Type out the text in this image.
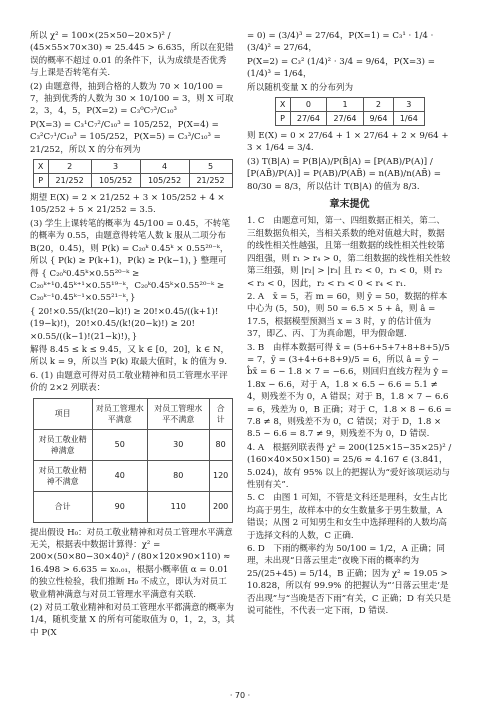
所以 χ² = 100×(25×50−20×5)² / (45×55×70×30) ≈ 25.445 > 6.635，所以在犯错误的概率不超过 0.01 的条件下，认为成绩是否优秀与上课是否转笔有关.

(2) 由题意得，抽到合格的人数为 70 × 10/100 = 7，抽到优秀的人数为 30 × 10/100 = 3，则 X 可取 2，3，4，5，P(X=2) = C₃⁰C₇³/C₁₀³

P(X=3) = C₃¹C₇²/C₁₀³ = 105/252，P(X=4) = C₃²C₇¹/C₁₀³ = 105/252，P(X=5) = C₃³/C₁₀³ = 21/252，所以 X 的分布列为

X	2	3	4	5
P	21/252	105/252	105/252	21/252

期望 E(X) = 2 × 21/252 + 3 × 105/252 + 4 × 105/252 + 5 × 21/252 = 3.5.

(3) 学生上课转笔的概率为 45/100 = 0.45，不转笔的概率为 0.55，由题意得转笔人数 k 服从二项分布 B(20，0.45)，则 P(k) = C₂₀ᵏ 0.45ᵏ × 0.55²⁰⁻ᵏ，所以 { P(k) ≥ P(k+1)，P(k) ≥ P(k−1)，} 整理可得 { C₂₀ᵏ0.45ᵏ×0.55²⁰⁻ᵏ ≥ C₂₀ᵏ⁺¹0.45ᵏ⁺¹×0.55¹⁹⁻ᵏ，C₂₀ᵏ0.45ᵏ×0.55²⁰⁻ᵏ ≥ C₂₀ᵏ⁻¹0.45ᵏ⁻¹×0.55²¹⁻ᵏ，}

{ 20!×0.55/(k!(20−k)!) ≥ 20!×0.45/((k+1)!(19−k)!)，20!×0.45/(k!(20−k)!) ≥ 20!×0.55/((k−1)!(21−k)!)，}

解得 8.45 ≤ k ≤ 9.45，又 k ∈ [0，20]，k ∈ N，所以 k = 9，所以当 P(k) 取最大值时，k 的值为 9.

6. (1) 由题意可得对员工敬业精神和员工管理水平评价的 2×2 列联表：

项目	对员工管理水平满意	对员工管理水平不满意	合计
对员工敬业精神满意	50	30	80
对员工敬业精神不满意	40	80	120
合计	90	110	200

提出假设 H₀：对员工敬业精神和对员工管理水平满意无关，根据表中数据计算得：χ² = 200×(50×80−30×40)² / (80×120×90×110) ≈ 16.498 > 6.635 = x₀.₀₁，根据小概率值 α = 0.01 的独立性检验，我们推断 H₀ 不成立，即认为对员工敬业精神满意与对员工管理水平满意有关联.

(2) 对员工敬业精神和对员工管理水平都满意的概率为 1/4，随机变量 X 的所有可能取值为 0，1，2，3，其中 P(X

= 0) = (3/4)³ = 27/64，P(X=1) = C₃¹ · 1/4 · (3/4)² = 27/64，

P(X=2) = C₃² (1/4)² · 3/4 = 9/64，P(X=3) = (1/4)³ = 1/64，

所以随机变量 X 的分布列为

X	0	1	2	3
P	27/64	27/64	9/64	1/64

则 E(X) = 0 × 27/64 + 1 × 27/64 + 2 × 9/64 + 3 × 1/64 = 3/4.

(3) T(B|A) = P(B|A)/P(B̄|A) = [P(AB)/P(A)] / [P(AB̄)/P(A)] = P(AB)/P(AB̄) = n(AB)/n(AB̄) = 80/30 = 8/3，所以估计 T(B|A) 的值为 8/3.

章末提优

1. C　由题意可知，第一、四组数据正相关，第二、三组数据负相关，当相关系数的绝对值越大时，数据的线性相关性越强，且第一组数据的线性相关性较第四组强，则 r₁ > r₄ > 0，第二组数据的线性相关性较第三组强，则 |r₂| > |r₃| 且 r₂ < 0，r₃ < 0，则 r₂ < r₃ < 0，因此，r₂ < r₃ < 0 < r₄ < r₁.

2. A　x̄ = 5，若 m = 60，则 ȳ = 50，数据的样本中心为 (5，50)，则 50 = 6.5 × 5 + â，则 â = 17.5，根据模型预测当 x = 3 时，y 的估计值为 37，即乙、丙、丁为真命题，甲为假命题.

3. B　由样本数据可得 x̄ = (5+6+5+7+8+8+5)/5 = 7，ȳ = (3+4+6+8+9)/5 = 6，所以 â = ȳ − b̂x̄ = 6 − 1.8 × 7 = −6.6，则回归直线方程为 ŷ = 1.8x − 6.6，对于 A，1.8 × 6.5 − 6.6 = 5.1 ≠ 4，则残差不为 0，A 错误；对于 B，1.8 × 7 − 6.6 = 6，残差为 0，B 正确；对于 C，1.8 × 8 − 6.6 = 7.8 ≠ 8，则残差不为 0，C 错误；对于 D，1.8 × 8.5 − 6.6 = 8.7 ≠ 9，则残差不为 0，D 错误.

4. A　根据列联表得 χ² = 200(125×15−35×25)² / (160×40×50×150) = 25/6 ≈ 4.167 ∈ (3.841，5.024)，故有 95% 以上的把握认为“爱好该项运动与性别有关”.

5. C　由图 1 可知，不管是文科还是理科，女生占比均高于男生，故样本中的女生数量多于男生数量，A 错误；从图 2 可知男生和女生中选择理科的人数均高于选择文科的人数，C 正确.

6. D　下雨的概率约为 50/100 = 1/2，A 正确；同理，未出现“日落云里走”夜晚下雨的概率约为 25/(25+45) = 5/14，B 正确；因为 χ² ≈ 19.05 > 10.828，所以有 99.9% 的把握认为“‘日落云里走’是否出现”与“当晚是否下雨”有关，C 正确；D 有关只是说可能性，不代表一定下雨，D 错误.

· 70 ·
